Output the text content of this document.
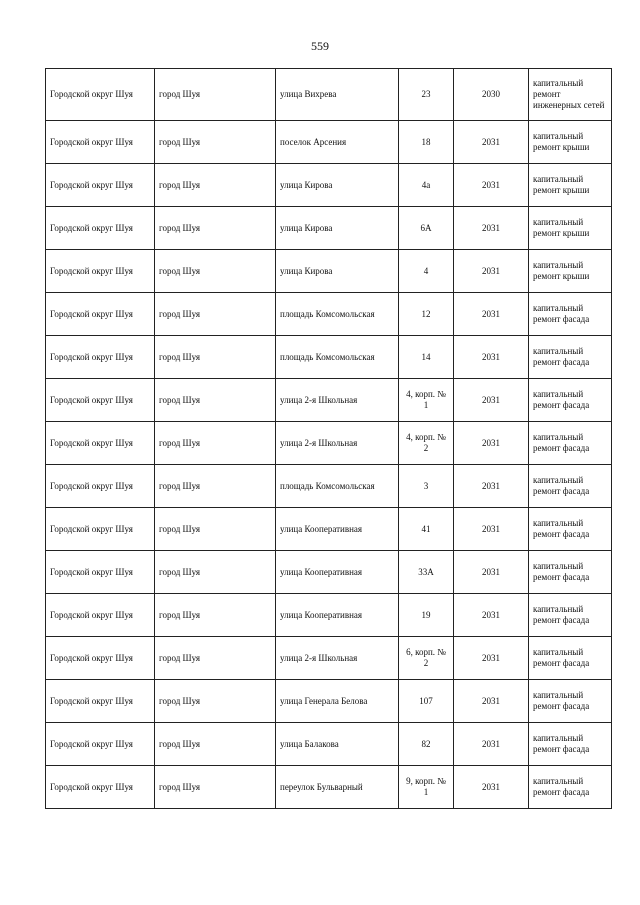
559
Городской округ Шуя	город Шуя	улица Вихрева	23	2030	капитальный ремонт инженерных сетей
Городской округ Шуя	город Шуя	поселок Арсения	18	2031	капитальный ремонт крыши
Городской округ Шуя	город Шуя	улица Кирова	4а	2031	капитальный ремонт крыши
Городской округ Шуя	город Шуя	улица Кирова	6А	2031	капитальный ремонт крыши
Городской округ Шуя	город Шуя	улица Кирова	4	2031	капитальный ремонт крыши
Городской округ Шуя	город Шуя	площадь Комсомольская	12	2031	капитальный ремонт фасада
Городской округ Шуя	город Шуя	площадь Комсомольская	14	2031	капитальный ремонт фасада
Городской округ Шуя	город Шуя	улица 2-я Школьная	4, корп. № 1	2031	капитальный ремонт фасада
Городской округ Шуя	город Шуя	улица 2-я Школьная	4, корп. № 2	2031	капитальный ремонт фасада
Городской округ Шуя	город Шуя	площадь Комсомольская	3	2031	капитальный ремонт фасада
Городской округ Шуя	город Шуя	улица Кооперативная	41	2031	капитальный ремонт фасада
Городской округ Шуя	город Шуя	улица Кооперативная	33А	2031	капитальный ремонт фасада
Городской округ Шуя	город Шуя	улица Кооперативная	19	2031	капитальный ремонт фасада
Городской округ Шуя	город Шуя	улица 2-я Школьная	6, корп. № 2	2031	капитальный ремонт фасада
Городской округ Шуя	город Шуя	улица Генерала Белова	107	2031	капитальный ремонт фасада
Городской округ Шуя	город Шуя	улица Балакова	82	2031	капитальный ремонт фасада
Городской округ Шуя	город Шуя	переулок Бульварный	9, корп. № 1	2031	капитальный ремонт фасада
